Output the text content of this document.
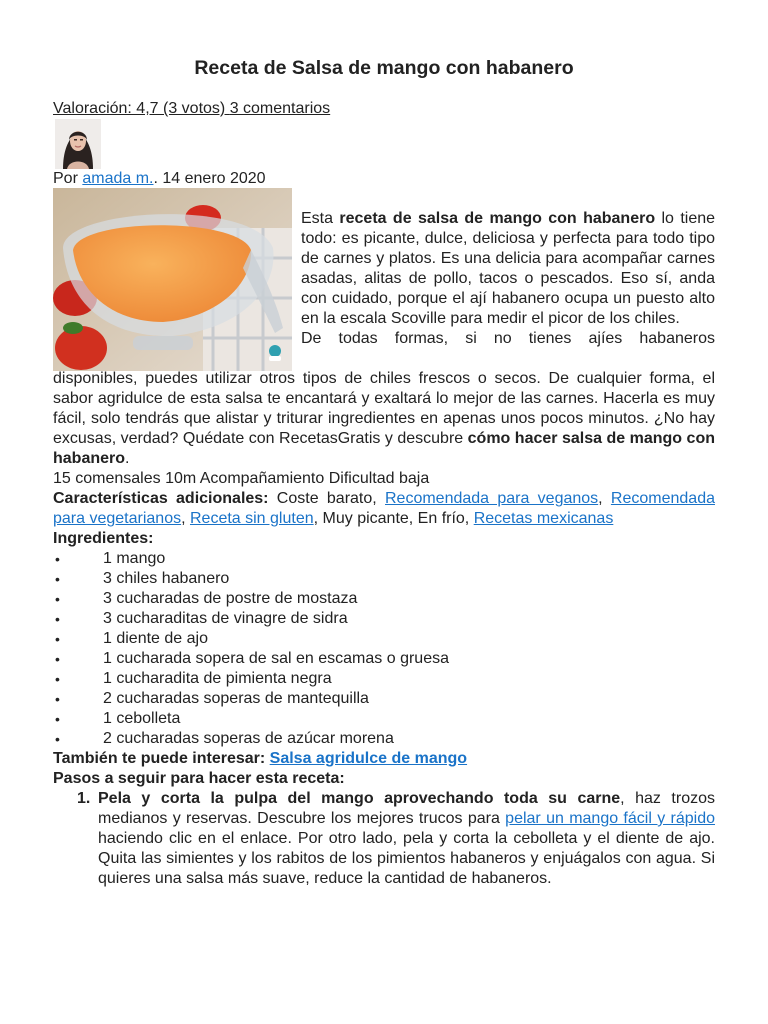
Receta de Salsa de mango con habanero
Valoración: 4,7 (3 votos) 3 comentarios
Por amada m.. 14 enero 2020

Esta receta de salsa de mango con habanero lo tiene todo: es picante, dulce, deliciosa y perfecta para todo tipo de carnes y platos. Es una delicia para acompañar carnes asadas, alitas de pollo, tacos o pescados. Eso sí, anda con cuidado, porque el ají habanero ocupa un puesto alto en la escala Scoville para medir el picor de los chiles.

De todas formas, si no tienes ajíes habaneros

disponibles, puedes utilizar otros tipos de chiles frescos o secos. De cualquier forma, el sabor agridulce de esta salsa te encantará y exaltará lo mejor de las carnes. Hacerla es muy fácil, solo tendrás que alistar y triturar ingredientes en apenas unos pocos minutos. ¿No hay excusas, verdad? Quédate con RecetasGratis y descubre cómo hacer salsa de mango con habanero.

15 comensales 10m Acompañamiento Dificultad baja

Características adicionales: Coste barato, Recomendada para veganos, Recomendada para vegetarianos, Receta sin gluten, Muy picante, En frío, Recetas mexicanas

Ingredientes:

• 1 mango
• 3 chiles habanero
• 3 cucharadas de postre de mostaza
• 3 cucharaditas de vinagre de sidra
• 1 diente de ajo
• 1 cucharada sopera de sal en escamas o gruesa
• 1 cucharadita de pimienta negra
• 2 cucharadas soperas de mantequilla
• 1 cebolleta
• 2 cucharadas soperas de azúcar morena

También te puede interesar: Salsa agridulce de mango

Pasos a seguir para hacer esta receta:

1. Pela y corta la pulpa del mango aprovechando toda su carne, haz trozos medianos y reservas. Descubre los mejores trucos para pelar un mango fácil y rápido haciendo clic en el enlace. Por otro lado, pela y corta la cebolleta y el diente de ajo. Quita las simientes y los rabitos de los pimientos habaneros y enjuágalos con agua. Si quieres una salsa más suave, reduce la cantidad de habaneros.
